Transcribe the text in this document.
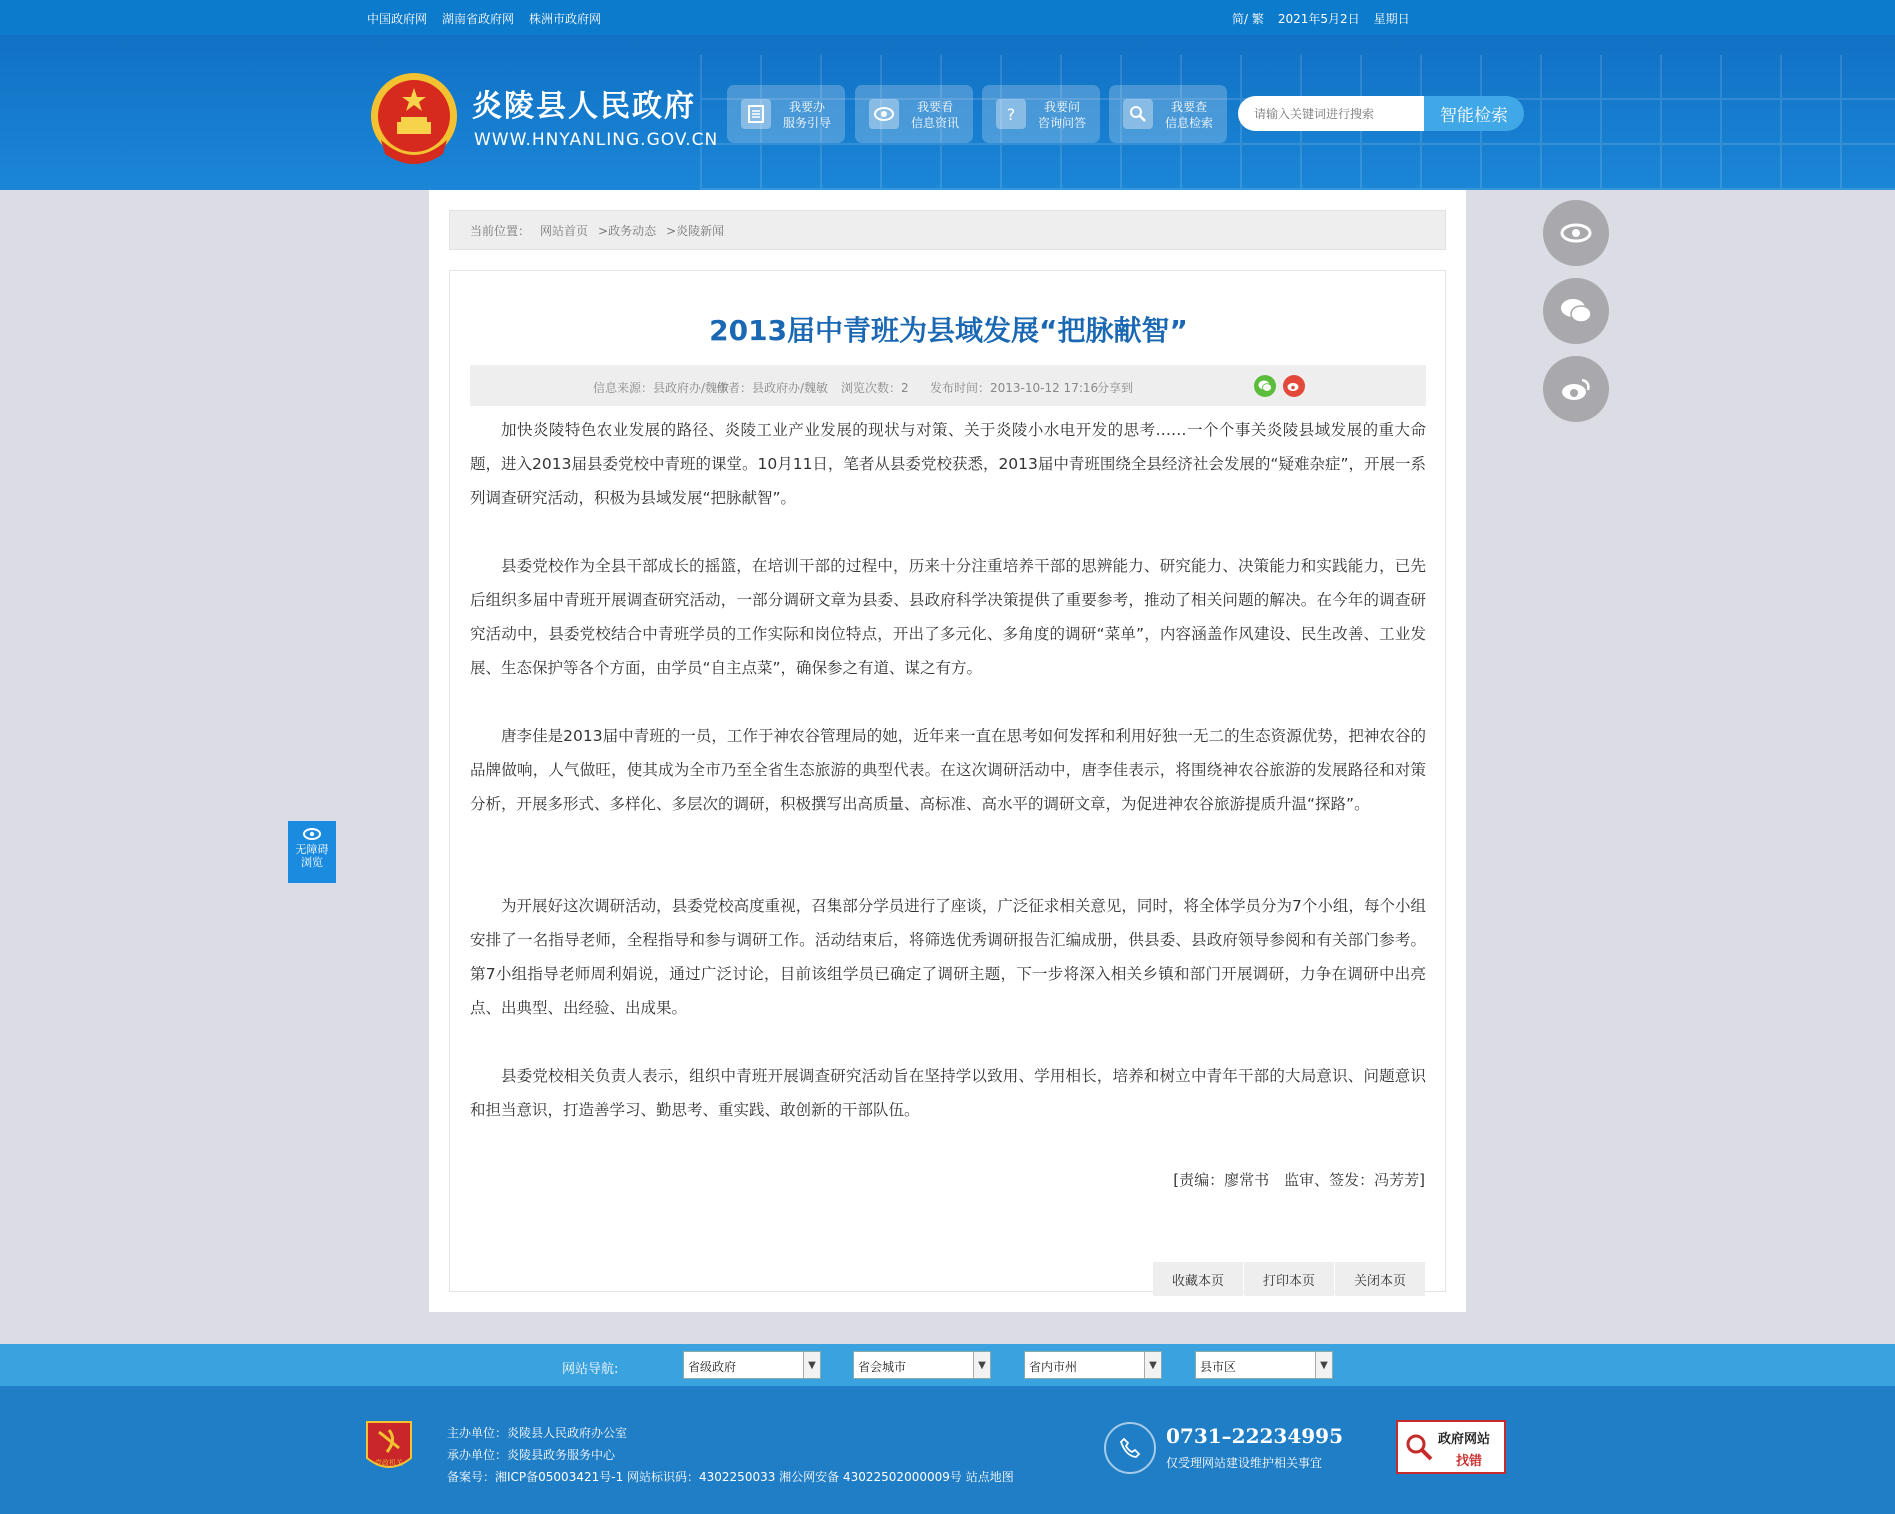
中国政府网 湖南省政府网 株洲市政府网	简/ 繁 2021年5月2日 星期日
炎陵县人民政府
WWW.HNYANLING.GOV.CN
我要办
服务引导
我要看
信息资讯	?	我要问
咨询问答
我要查
信息检索
请输入关键词进行搜索	智能检索
当前位置： 网站首页 >政务动态 >炎陵新闻
2013届中青班为县域发展“把脉献智”
信息来源：县政府办/魏敏
作者：县政府办/魏敏 浏览次数：2 发布时间：2013-10-12 17:16
分享到
加快炎陵特色农业发展的路径、炎陵工业产业发展的现状与对策、关于炎陵小水电开发的思考……一个个事关炎陵县域发展的重大命题，进入2013届县委党校中青班的课堂。10月11日，笔者从县委党校获悉，2013届中青班围绕全县经济社会发展的“疑难杂症”，开展一系列调查研究活动，积极为县域发展“把脉献智”。
县委党校作为全县干部成长的摇篮，在培训干部的过程中，历来十分注重培养干部的思辨能力、研究能力、决策能力和实践能力，已先后组织多届中青班开展调查研究活动，一部分调研文章为县委、县政府科学决策提供了重要参考，推动了相关问题的解决。在今年的调查研究活动中，县委党校结合中青班学员的工作实际和岗位特点，开出了多元化、多角度的调研“菜单”，内容涵盖作风建设、民生改善、工业发展、生态保护等各个方面，由学员“自主点菜”，确保参之有道、谋之有方。
唐李佳是2013届中青班的一员，工作于神农谷管理局的她，近年来一直在思考如何发挥和利用好独一无二的生态资源优势，把神农谷的品牌做响，人气做旺，使其成为全市乃至全省生态旅游的典型代表。在这次调研活动中，唐李佳表示，将围绕神农谷旅游的发展路径和对策分析，开展多形式、多样化、多层次的调研，积极撰写出高质量、高标准、高水平的调研文章，为促进神农谷旅游提质升温“探路”。
为开展好这次调研活动，县委党校高度重视，召集部分学员进行了座谈，广泛征求相关意见，同时，将全体学员分为7个小组，每个小组安排了一名指导老师，全程指导和参与调研工作。活动结束后，将筛选优秀调研报告汇编成册，供县委、县政府领导参阅和有关部门参考。第7小组指导老师周利娟说，通过广泛讨论，目前该组学员已确定了调研主题，下一步将深入相关乡镇和部门开展调研，力争在调研中出亮点、出典型、出经验、出成果。
县委党校相关负责人表示，组织中青班开展调查研究活动旨在坚持学以致用、学用相长，培养和树立中青年干部的大局意识、问题意识和担当意识，打造善学习、勤思考、重实践、敢创新的干部队伍。
[责编：廖常书　监审、签发：冯芳芳]
收藏本页	打印本页	关闭本页
无障碍
浏览
网站导航:	省级政府	▼	省会城市	▼	省内市州	▼	县市区	▼
党政机关
主办单位：炎陵县人民政府办公室
承办单位：炎陵县政务服务中心
备案号：湘ICP备05003421号-1 网站标识码：4302250033 湘公网安备 43022502000009号 站点地图
0731–22234995
仅受理网站建设维护相关事宜
政府网站
找错
